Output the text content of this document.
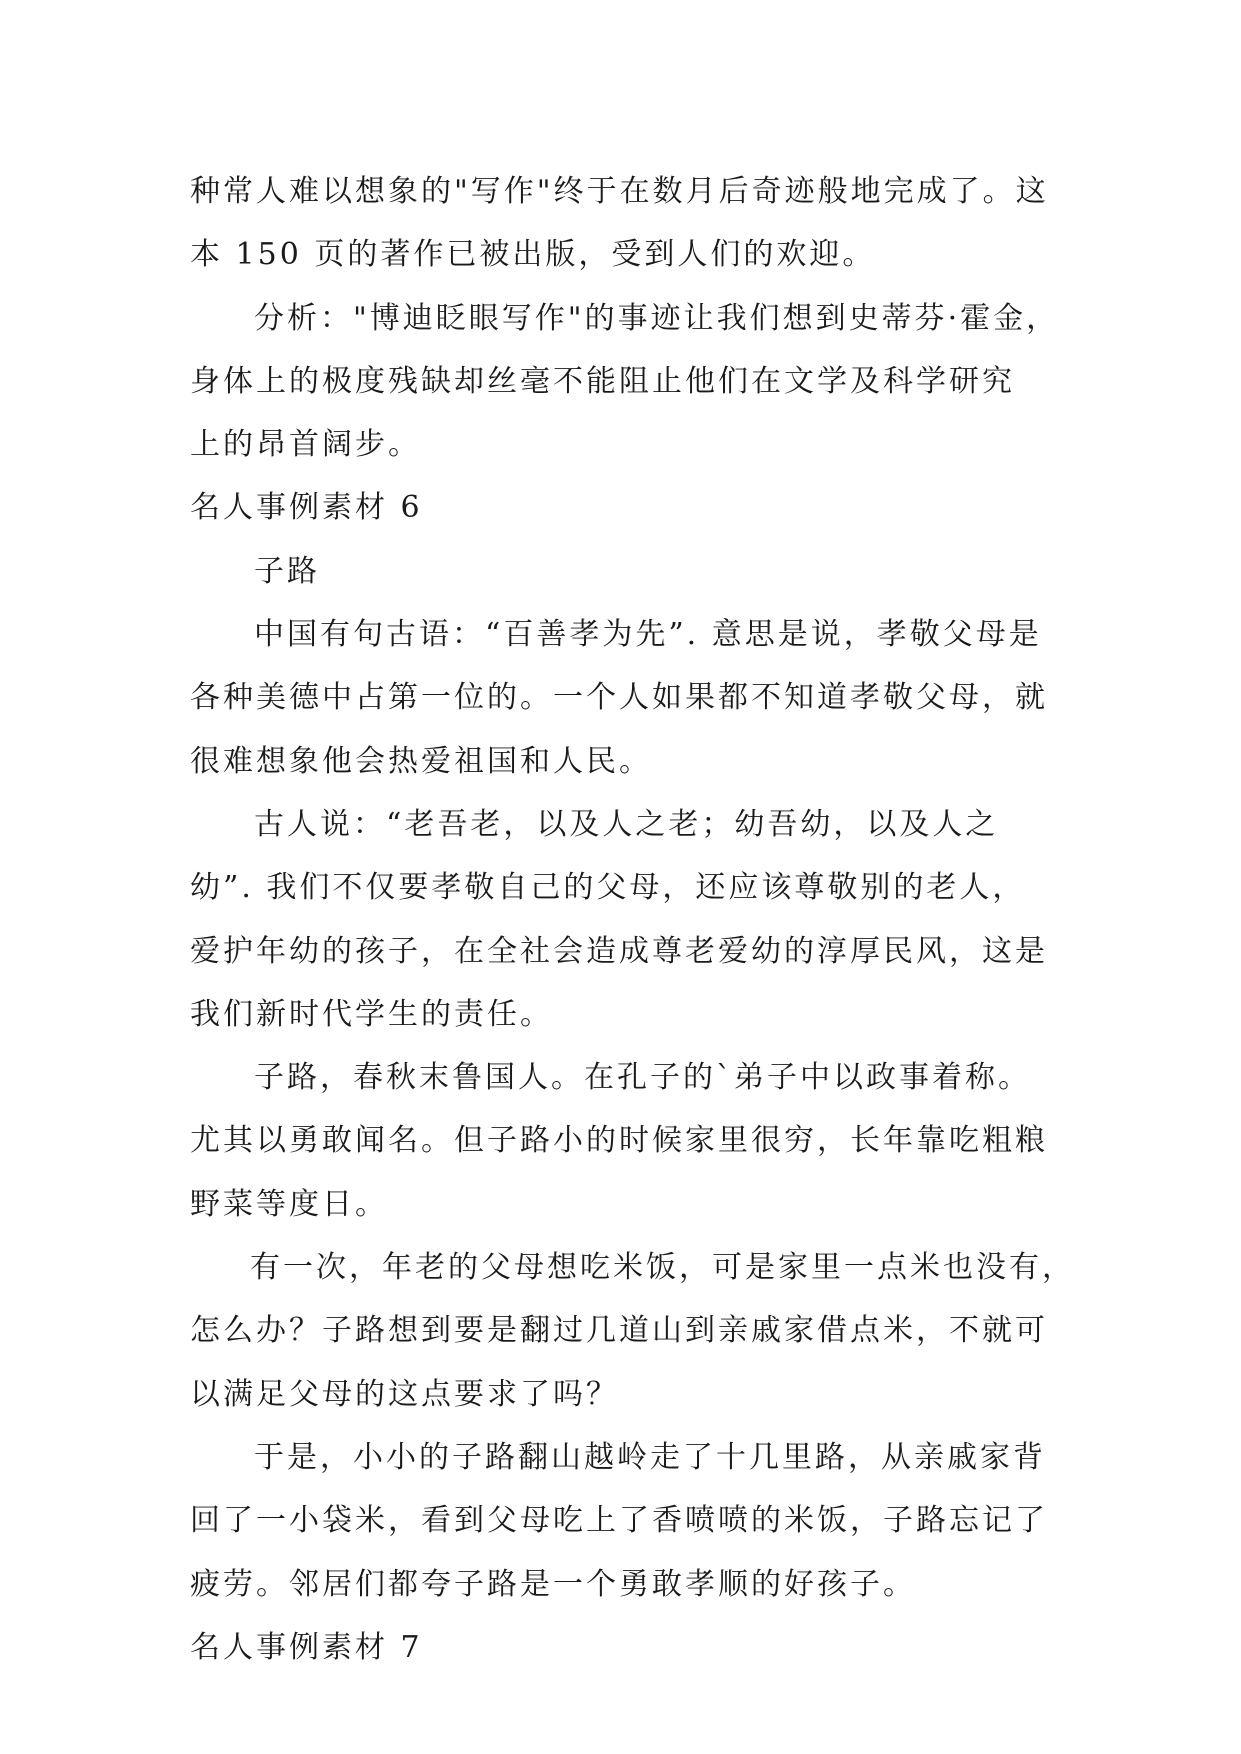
种常人难以想象的"写作"终于在数月后奇迹般地完成了。这
本 150 页的著作已被出版，受到人们的欢迎。
分析："博迪眨眼写作"的事迹让我们想到史蒂芬·霍金，
身体上的极度残缺却丝毫不能阻止他们在文学及科学研究
上的昂首阔步。
名人事例素材 6
子路
中国有句古语：“百善孝为先”. 意思是说，孝敬父母是
各种美德中占第一位的。一个人如果都不知道孝敬父母，就
很难想象他会热爱祖国和人民。
古人说：“老吾老，以及人之老；幼吾幼，以及人之
幼”. 我们不仅要孝敬自己的父母，还应该尊敬别的老人，
爱护年幼的孩子，在全社会造成尊老爱幼的淳厚民风，这是
我们新时代学生的责任。
子路，春秋末鲁国人。在孔子的`弟子中以政事着称。
尤其以勇敢闻名。但子路小的时候家里很穷，长年靠吃粗粮
野菜等度日。
有一次，年老的父母想吃米饭，可是家里一点米也没有，
怎么办？子路想到要是翻过几道山到亲戚家借点米，不就可
以满足父母的这点要求了吗？
于是，小小的子路翻山越岭走了十几里路，从亲戚家背
回了一小袋米，看到父母吃上了香喷喷的米饭，子路忘记了
疲劳。邻居们都夸子路是一个勇敢孝顺的好孩子。
名人事例素材 7
